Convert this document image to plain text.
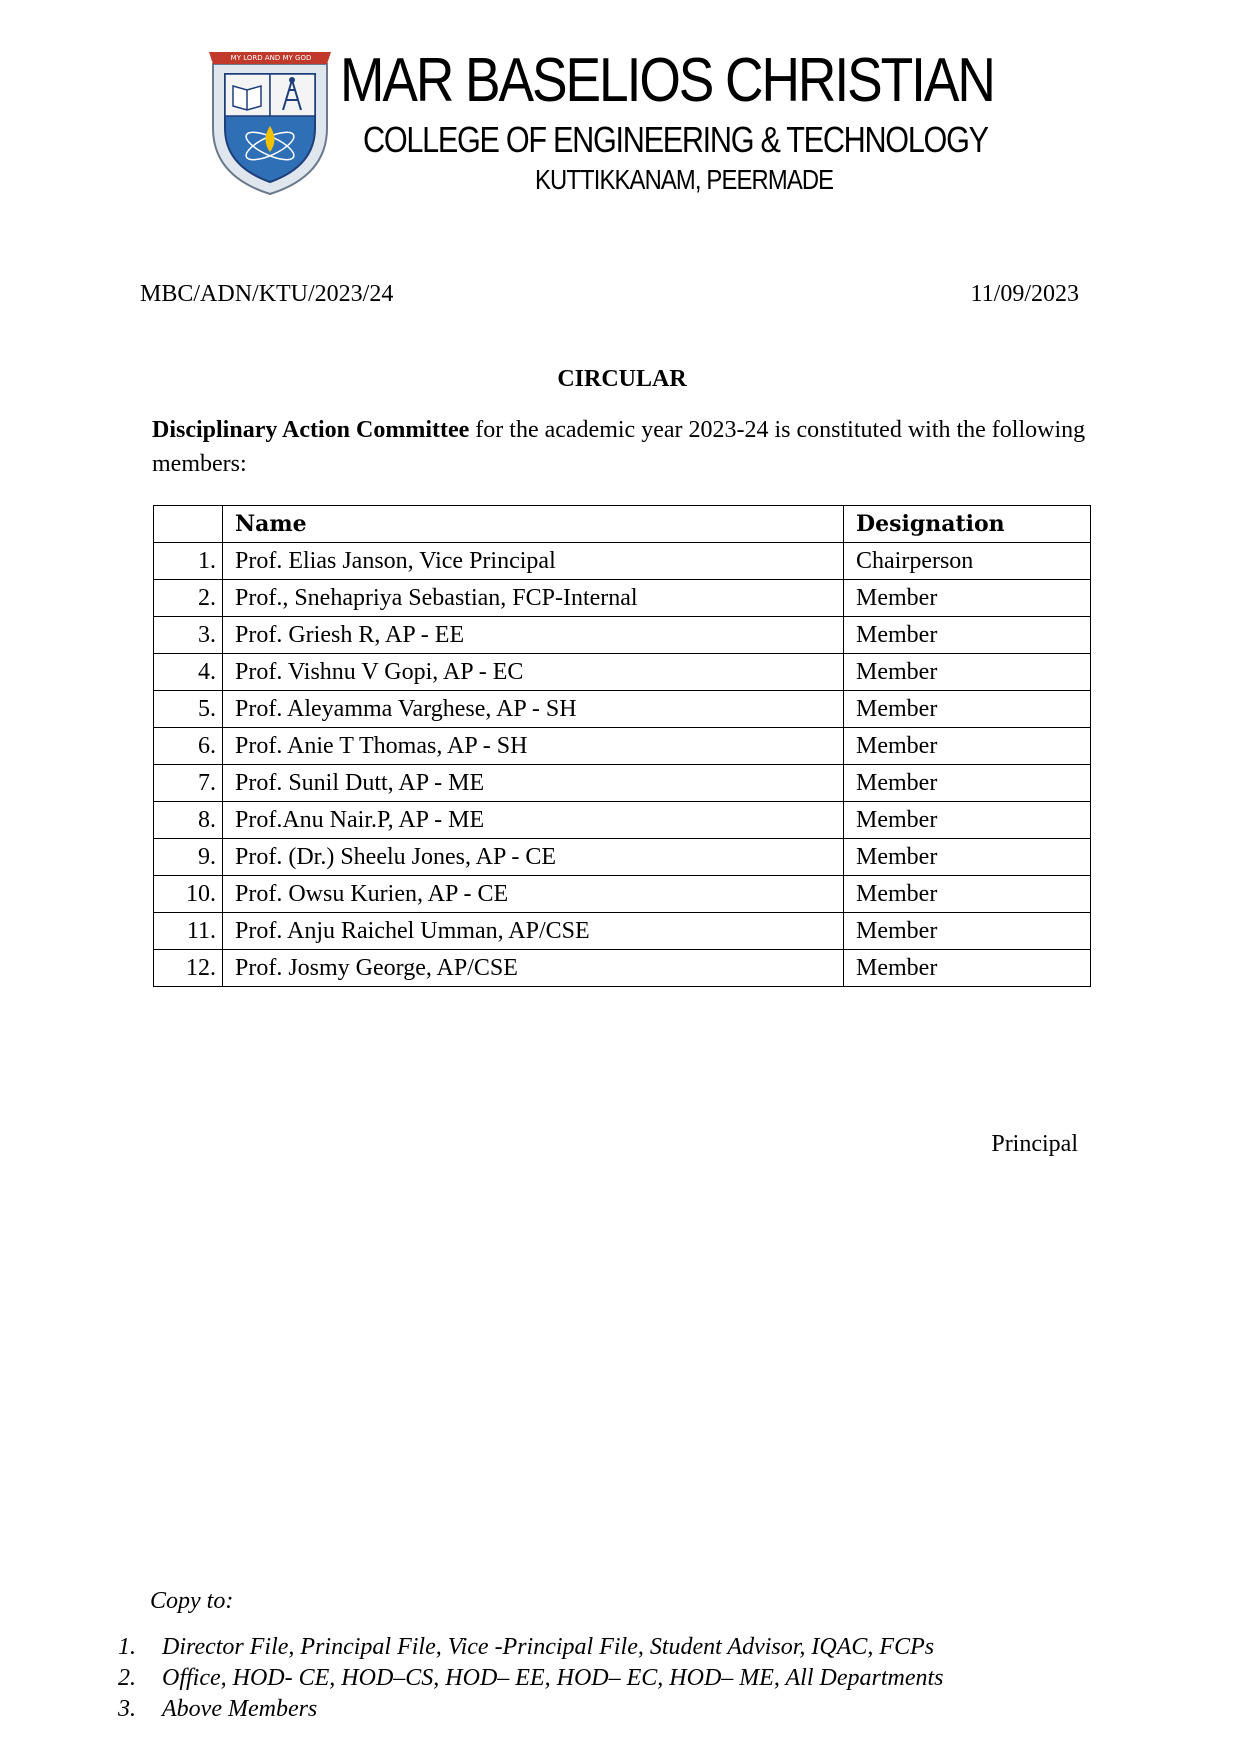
MY LORD AND MY GOD MAR BASELIOS CHRISTIAN
COLLEGE OF ENGINEERING & TECHNOLOGY
KUTTIKKANAM, PEERMADE
MBC/ADN/KTU/2023/24	11/09/2023
CIRCULAR
Disciplinary Action Committee for the academic year 2023-24 is constituted with the following members:
	Name	Designation
1.	Prof. Elias Janson, Vice Principal	Chairperson
2.	Prof., Snehapriya Sebastian, FCP-Internal	Member
3.	Prof. Griesh R, AP - EE	Member
4.	Prof. Vishnu V Gopi, AP - EC	Member
5.	Prof. Aleyamma Varghese, AP - SH	Member
6.	Prof. Anie T Thomas, AP - SH	Member
7.	Prof. Sunil Dutt, AP - ME	Member
8.	Prof.Anu Nair.P, AP - ME	Member
9.	Prof. (Dr.) Sheelu Jones, AP - CE	Member
10.	Prof. Owsu Kurien, AP - CE	Member
11.	Prof. Anju Raichel Umman, AP/CSE	Member
12.	Prof. Josmy George, AP/CSE	Member
Principal
Copy to:
1. Director File, Principal File, Vice -Principal File, Student Advisor, IQAC, FCPs
2. Office, HOD- CE, HOD–CS, HOD– EE, HOD– EC, HOD– ME, All Departments
3. Above Members
